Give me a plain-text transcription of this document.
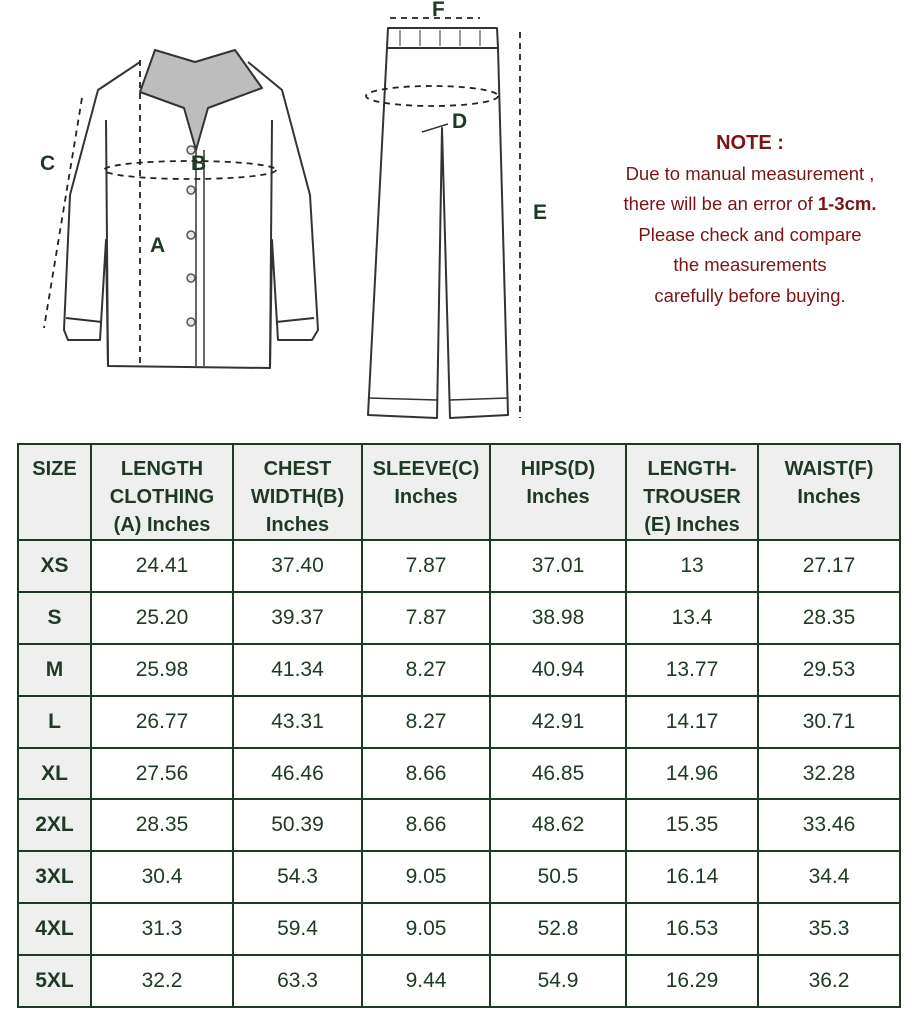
C	B
A
F
D
E
NOTE :
Due to manual measurement ,
there will be an error of 1-3cm.
Please check and compare
the measurements
carefully before buying.
SIZE	LENGTH CLOTHING (A) Inches	CHEST WIDTH(B) Inches	SLEEVE(C) Inches	HIPS(D) Inches	LENGTH-TROUSER (E) Inches	WAIST(F) Inches
XS	24.41	37.40	7.87	37.01	13	27.17
S	25.20	39.37	7.87	38.98	13.4	28.35
M	25.98	41.34	8.27	40.94	13.77	29.53
L	26.77	43.31	8.27	42.91	14.17	30.71
XL	27.56	46.46	8.66	46.85	14.96	32.28
2XL	28.35	50.39	8.66	48.62	15.35	33.46
3XL	30.4	54.3	9.05	50.5	16.14	34.4
4XL	31.3	59.4	9.05	52.8	16.53	35.3
5XL	32.2	63.3	9.44	54.9	16.29	36.2
